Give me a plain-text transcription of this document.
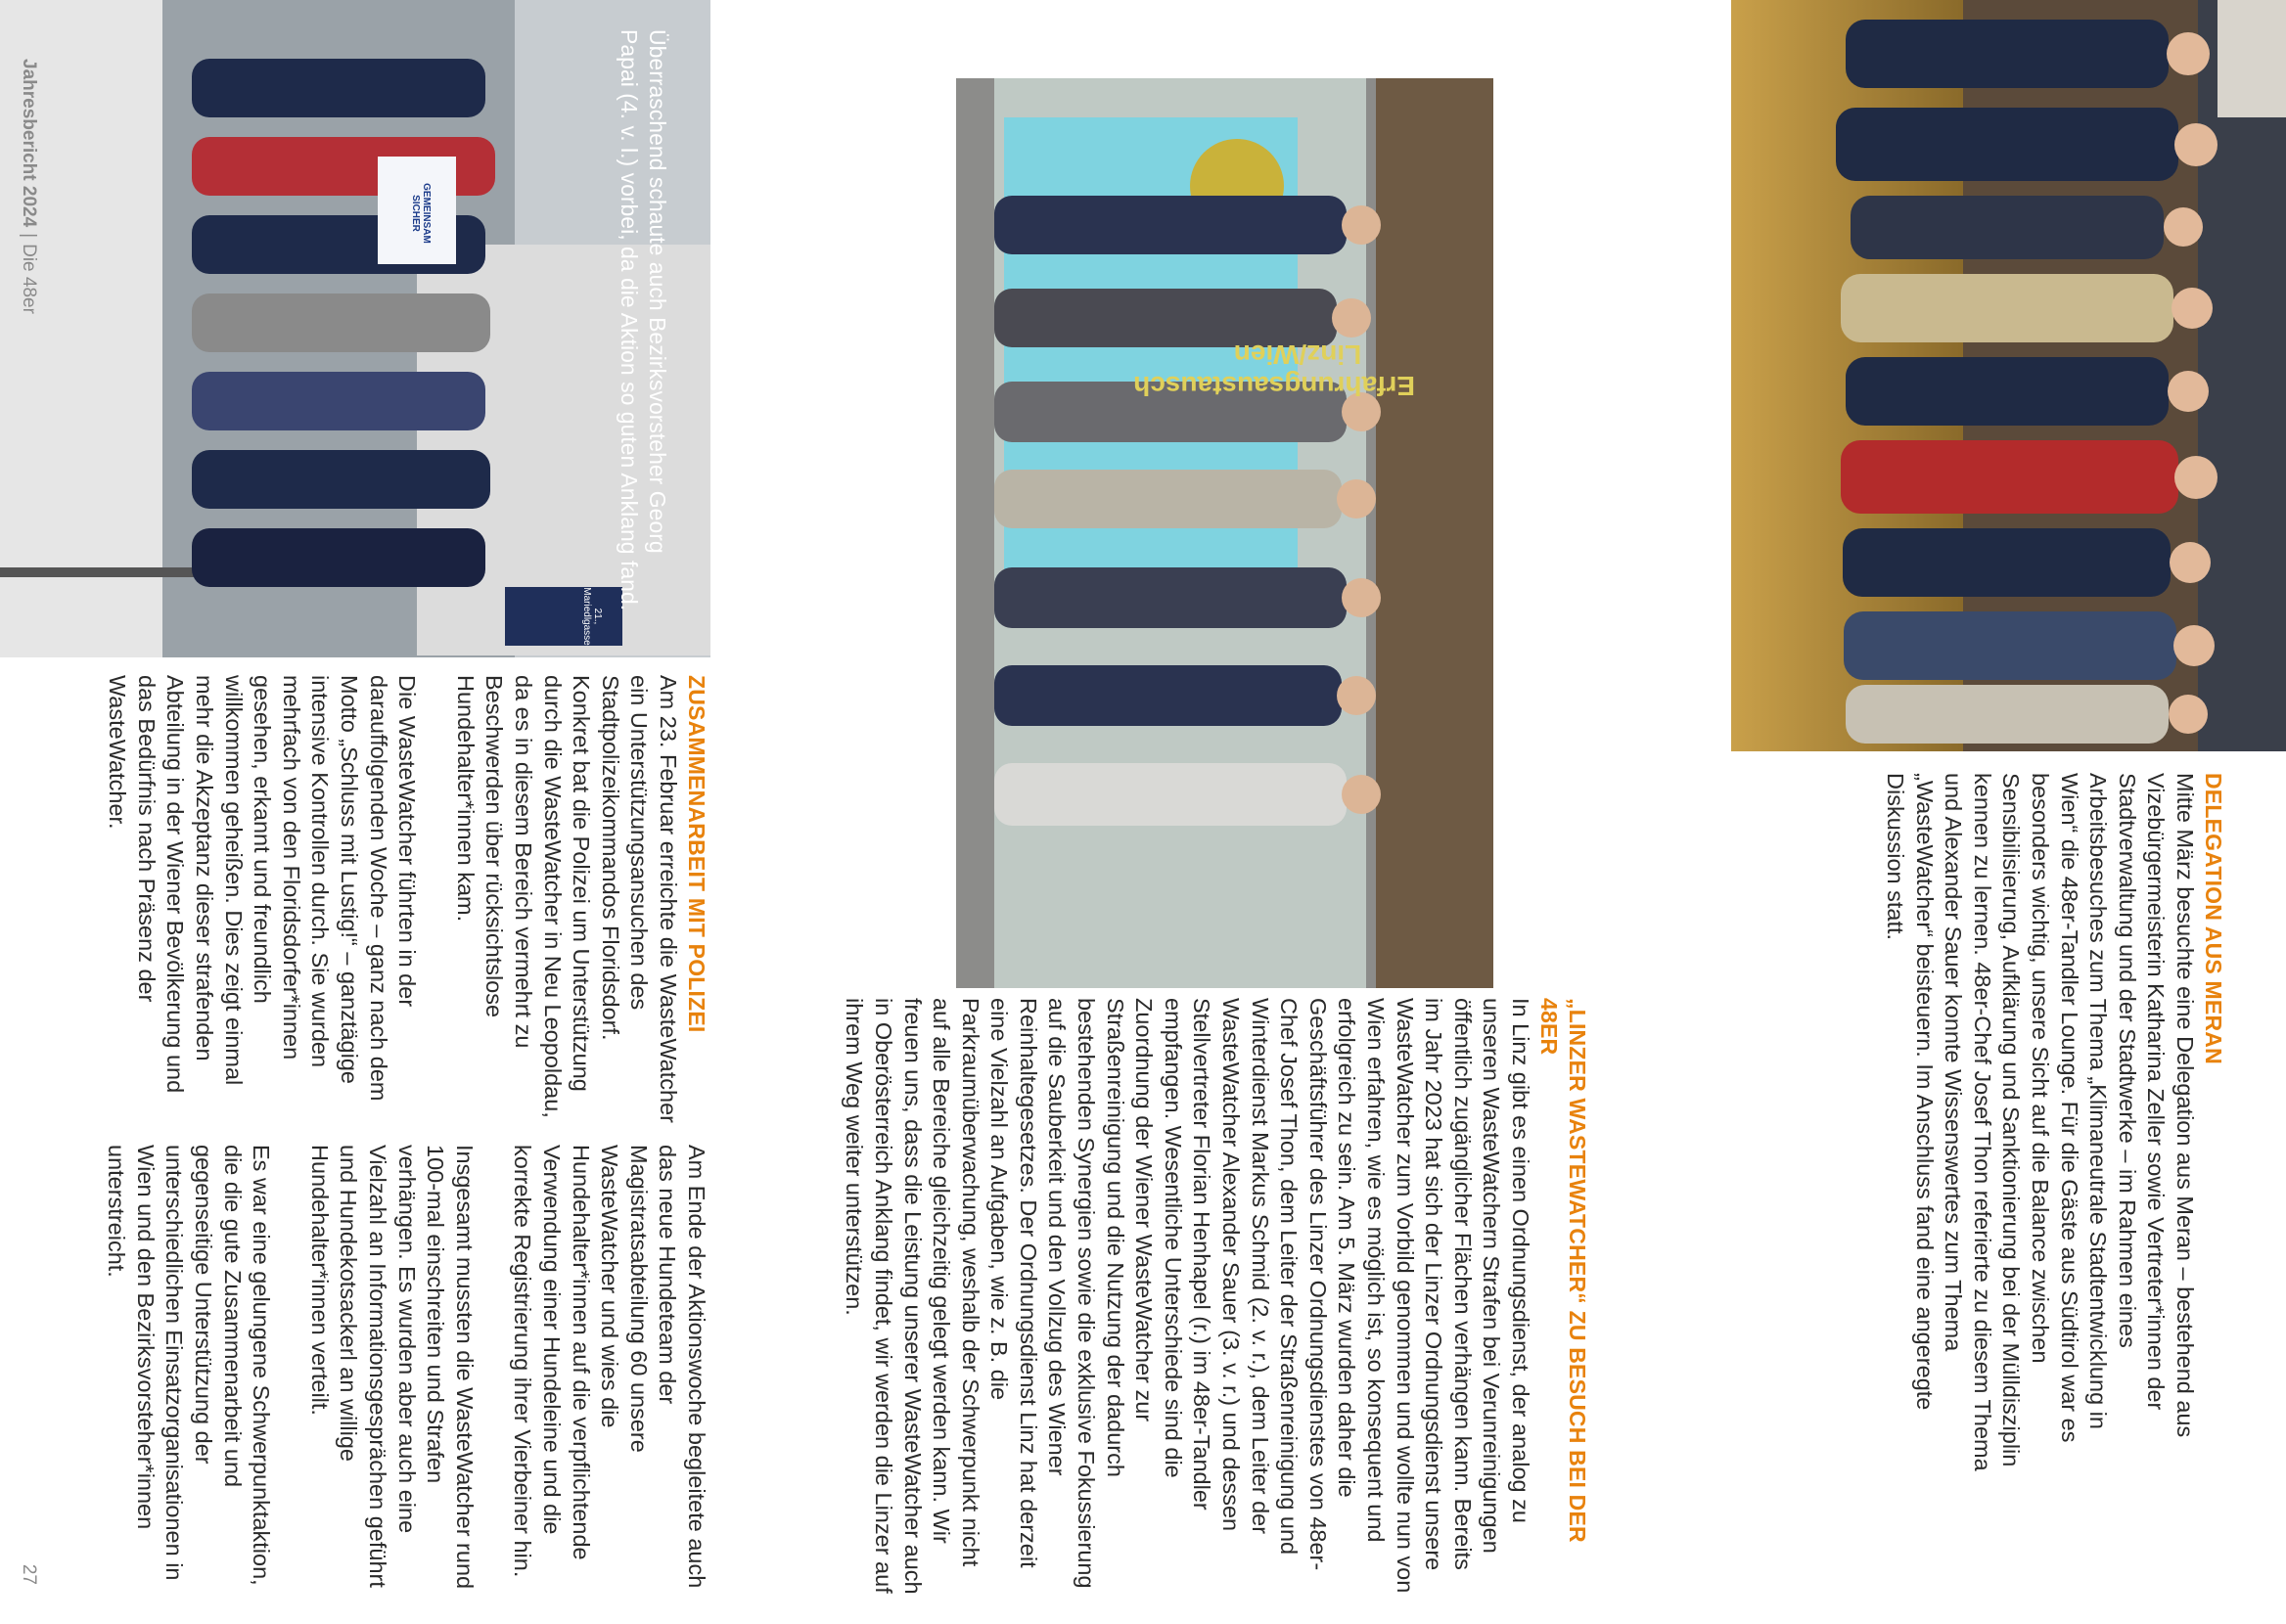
Erfahrungsaustausch
Linz/Wien
GEMEINSAM SICHER
21., Mariedlgasse
DELEGATION AUS MERAN
Mitte März besuchte eine Delegation aus Meran – bestehend aus Vizebürgermeisterin Katharina Zeller sowie Vertreter*innen der Stadtverwaltung und der Stadtwerke – im Rahmen eines Arbeitsbesuches zum Thema „Klimaneutrale Stadtentwicklung in Wien“ die 48er-Tandler Lounge. Für die Gäste aus Südtirol war es besonders wichtig, unsere Sicht auf die Balance zwischen Sensibilisierung, Aufklärung und Sanktionierung bei der Mülldisziplin kennen zu lernen. 48er-Chef Josef Thon referierte zu diesem Thema und Alexander Sauer konnte Wissenswertes zum Thema „WasteWatcher“ beisteuern. Im Anschluss fand eine angeregte Diskussion statt.
„LINZER WASTEWATCHER“ ZU BESUCH BEI DER 48ER
In Linz gibt es einen Ordnungsdienst, der analog zu unseren WasteWatchern Strafen bei Verunreinigungen öffentlich zugänglicher Flächen verhängen kann. Bereits im Jahr 2023 hat sich der Linzer Ordnungsdienst unsere WasteWatcher zum Vorbild genommen und wollte nun von Wien erfahren, wie es möglich ist, so konsequent und erfolgreich zu sein. Am 5. März wurden daher die Geschäftsführer des Linzer Ordnungsdienstes von 48er-Chef Josef Thon, dem Leiter der Straßenreinigung und Winterdienst Markus Schmid (2. v. r.), dem Leiter der WasteWatcher Alexander Sauer (3. v. r.) und dessen Stellvertreter Florian Henhapel (r.) im 48er-Tandler empfangen. Wesentliche Unterschiede sind die Zuordnung der Wiener WasteWatcher zur Straßenreinigung und die Nutzung der dadurch bestehenden Synergien sowie die exklusive Fokussierung auf die Sauberkeit und den Vollzug des Wiener Reinhaltegesetzes. Der Ordnungsdienst Linz hat derzeit eine Vielzahl an Aufgaben, wie z. B. die Parkraumüberwachung, weshalb der Schwerpunkt nicht auf alle Bereiche gleichzeitig gelegt werden kann. Wir freuen uns, dass die Leistung unserer WasteWatcher auch in Oberösterreich Anklang findet, wir werden die Linzer auf ihrem Weg weiter unterstützen.
Überraschend schaute auch Bezirksvorsteher Georg Papai (4. v. l.) vorbei, da die Aktion so guten Anklang fand.
ZUSAMMENARBEIT MIT POLIZEI

Am 23. Februar erreichte die WasteWatcher ein Unterstützungsansuchen des Stadtpolizeikommandos Floridsdorf. Konkret bat die Polizei um Unterstützung durch die WasteWatcher in Neu Leopoldau, da es in diesem Bereich vermehrt zu Beschwerden über rücksichtslose Hundehalter*innen kam.

Die WasteWatcher führten in der darauffolgenden Woche – ganz nach dem Motto „Schluss mit Lustig!“ – ganztägige intensive Kontrollen durch. Sie wurden mehrfach von den Floridsdorfer*innen gesehen, erkannt und freundlich willkommen geheißen. Dies zeigt einmal mehr die Akzeptanz dieser strafenden Abteilung in der Wiener Bevölkerung und das Bedürfnis nach Präsenz der WasteWatcher.

Am Ende der Aktionswoche begleitete auch das neue Hundeteam der Magistratsabteilung 60 unsere WasteWatcher und wies die Hundehalter*innen auf die verpflichtende Verwendung einer Hundeleine und die korrekte Registrierung ihrer Vierbeiner hin.

Insgesamt mussten die WasteWatcher rund 100-mal einschreiten und Strafen verhängen. Es wurden aber auch eine Vielzahl an Informationsgesprächen geführt und Hundekotsackerl an willige Hundehalter*innen verteilt.

Es war eine gelungene Schwerpunktaktion, die die gute Zusammenarbeit und gegenseitige Unterstützung der unterschiedlichen Einsatzorganisationen in Wien und den Bezirksvorsteher*innen unterstreicht.

Jahresbericht 2024|Die 48er
27
